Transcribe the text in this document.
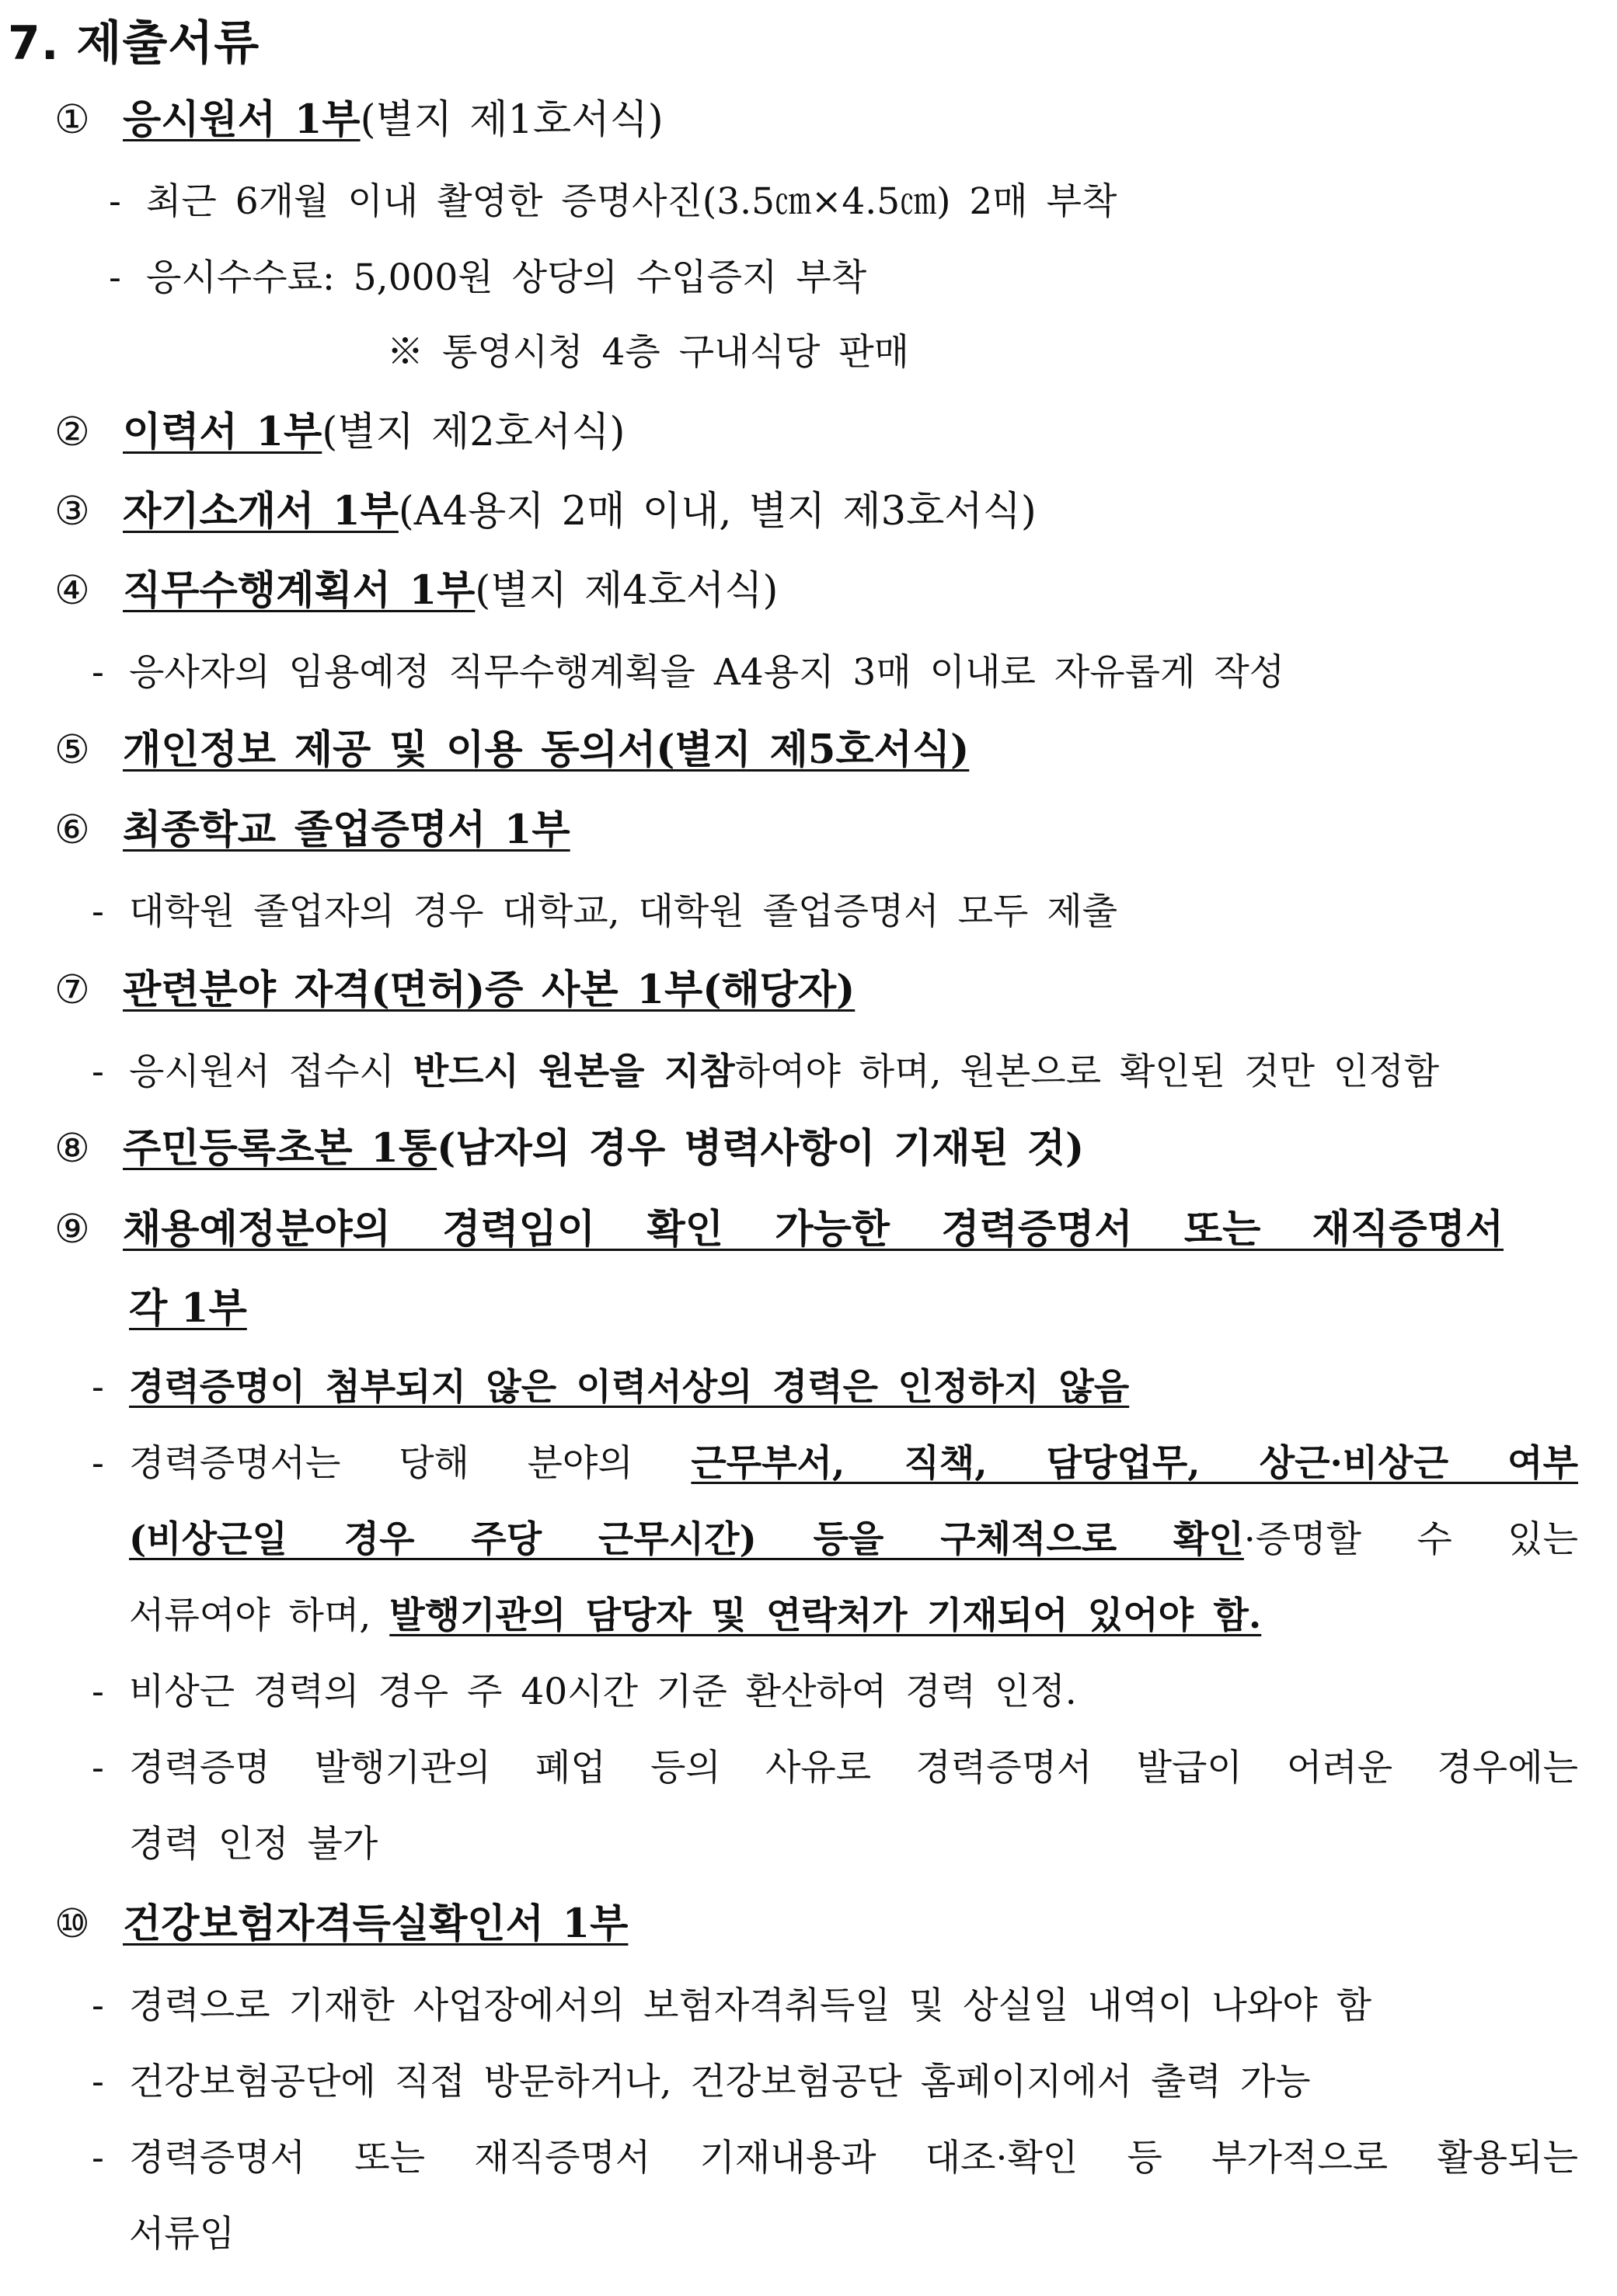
7. 제출서류
① 응시원서 1부(별지 제1호서식)
- 최근 6개월 이내 촬영한 증명사진(3.5㎝×4.5㎝) 2매 부착
- 응시수수료: 5,000원 상당의 수입증지 부착
※ 통영시청 4층 구내식당 판매
② 이력서 1부(별지 제2호서식)
③ 자기소개서 1부(A4용지 2매 이내, 별지 제3호서식)
④ 직무수행계획서 1부(별지 제4호서식)
- 응사자의 임용예정 직무수행계획을 A4용지 3매 이내로 자유롭게 작성
⑤ 개인정보 제공 및 이용 동의서(별지 제5호서식)
⑥ 최종학교 졸업증명서 1부
- 대학원 졸업자의 경우 대학교, 대학원 졸업증명서 모두 제출
⑦ 관련분야 자격(면허)증 사본 1부(해당자)
- 응시원서 접수시 반드시 원본을 지참하여야 하며, 원본으로 확인된 것만 인정함
⑧ 주민등록초본 1통(남자의 경우 병력사항이 기재된 것)
⑨ 채용예정분야의 경력임이 확인 가능한 경력증명서 또는 재직증명서
각 1부
- 경력증명이 첨부되지 않은 이력서상의 경력은 인정하지 않음
- 경력증명서는 당해 분야의 근무부서, 직책, 담당업무, 상근·비상근 여부
(비상근일 경우 주당 근무시간) 등을 구체적으로 확인·증명할 수 있는
서류여야 하며, 발행기관의 담당자 및 연락처가 기재되어 있어야 함.
- 비상근 경력의 경우 주 40시간 기준 환산하여 경력 인정.
- 경력증명 발행기관의 폐업 등의 사유로 경력증명서 발급이 어려운 경우에는
경력 인정 불가
⑩ 건강보험자격득실확인서 1부
- 경력으로 기재한 사업장에서의 보험자격취득일 및 상실일 내역이 나와야 함
- 건강보험공단에 직접 방문하거나, 건강보험공단 홈페이지에서 출력 가능
- 경력증명서 또는 재직증명서 기재내용과 대조·확인 등 부가적으로 활용되는
서류임
